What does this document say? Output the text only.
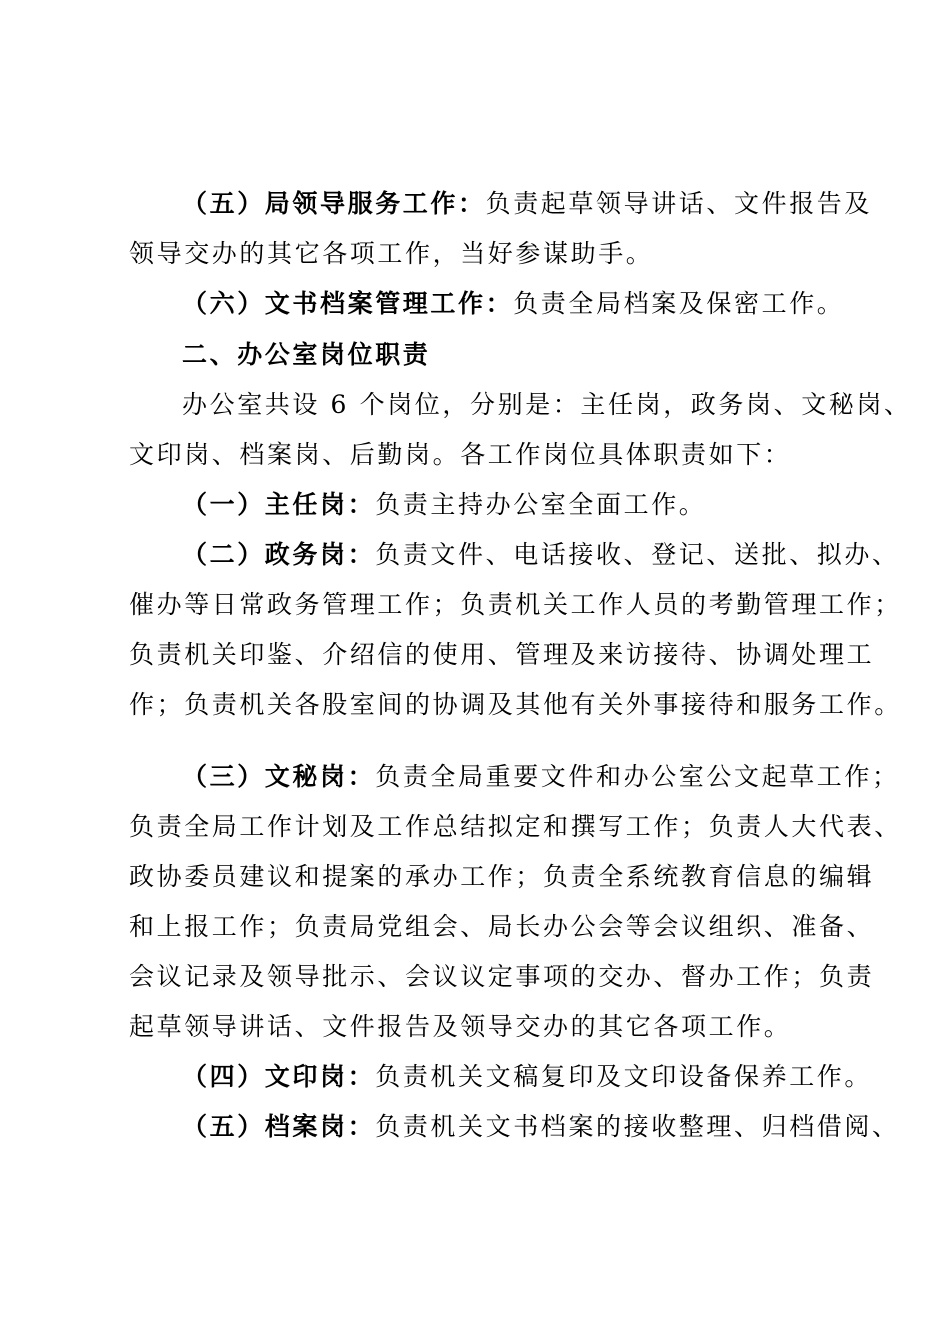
（五）局领导服务工作：负责起草领导讲话、文件报告及
领导交办的其它各项工作，当好参谋助手。
（六）文书档案管理工作：负责全局档案及保密工作。
二、办公室岗位职责
办公室共设 6 个岗位，分别是：主任岗，政务岗、文秘岗、
文印岗、档案岗、后勤岗。各工作岗位具体职责如下：
（一）主任岗：负责主持办公室全面工作。
（二）政务岗：负责文件、电话接收、登记、送批、拟办、
催办等日常政务管理工作；负责机关工作人员的考勤管理工作；
负责机关印鉴、介绍信的使用、管理及来访接待、协调处理工
作；负责机关各股室间的协调及其他有关外事接待和服务工作。
（三）文秘岗：负责全局重要文件和办公室公文起草工作；
负责全局工作计划及工作总结拟定和撰写工作；负责人大代表、
政协委员建议和提案的承办工作；负责全系统教育信息的编辑
和上报工作；负责局党组会、局长办公会等会议组织、准备、
会议记录及领导批示、会议议定事项的交办、督办工作；负责
起草领导讲话、文件报告及领导交办的其它各项工作。
（四）文印岗：负责机关文稿复印及文印设备保养工作。
（五）档案岗：负责机关文书档案的接收整理、归档借阅、
